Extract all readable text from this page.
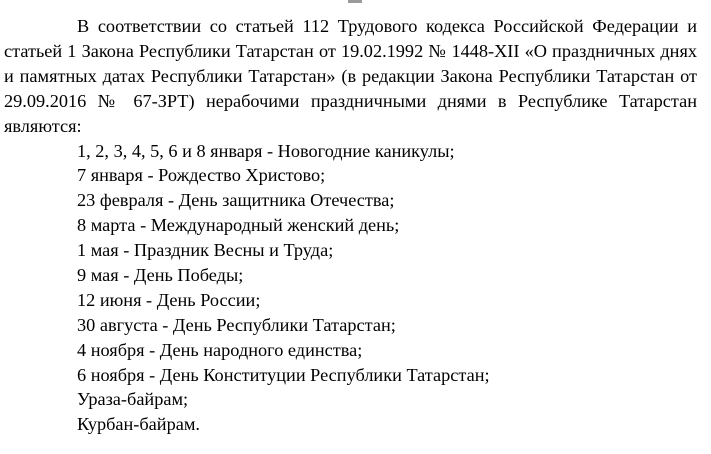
В соответствии со статьей 112 Трудового кодекса Российской Федерации и статьей 1 Закона Республики Татарстан от 19.02.1992 № 1448-XII «О праздничных днях и памятных датах Республики Татарстан» (в редакции Закона Республики Татарстан от 29.09.2016 № 67-ЗРТ) нерабочими праздничными днями в Республике Татарстан являются:

1, 2, 3, 4, 5, 6 и 8 января - Новогодние каникулы;
7 января - Рождество Христово;
23 февраля - День защитника Отечества;
8 марта - Международный женский день;
1 мая - Праздник Весны и Труда;
9 мая - День Победы;
12 июня - День России;
30 августа - День Республики Татарстан;
4 ноября - День народного единства;
6 ноября - День Конституции Республики Татарстан;
Ураза-байрам;
Курбан-байрам.
